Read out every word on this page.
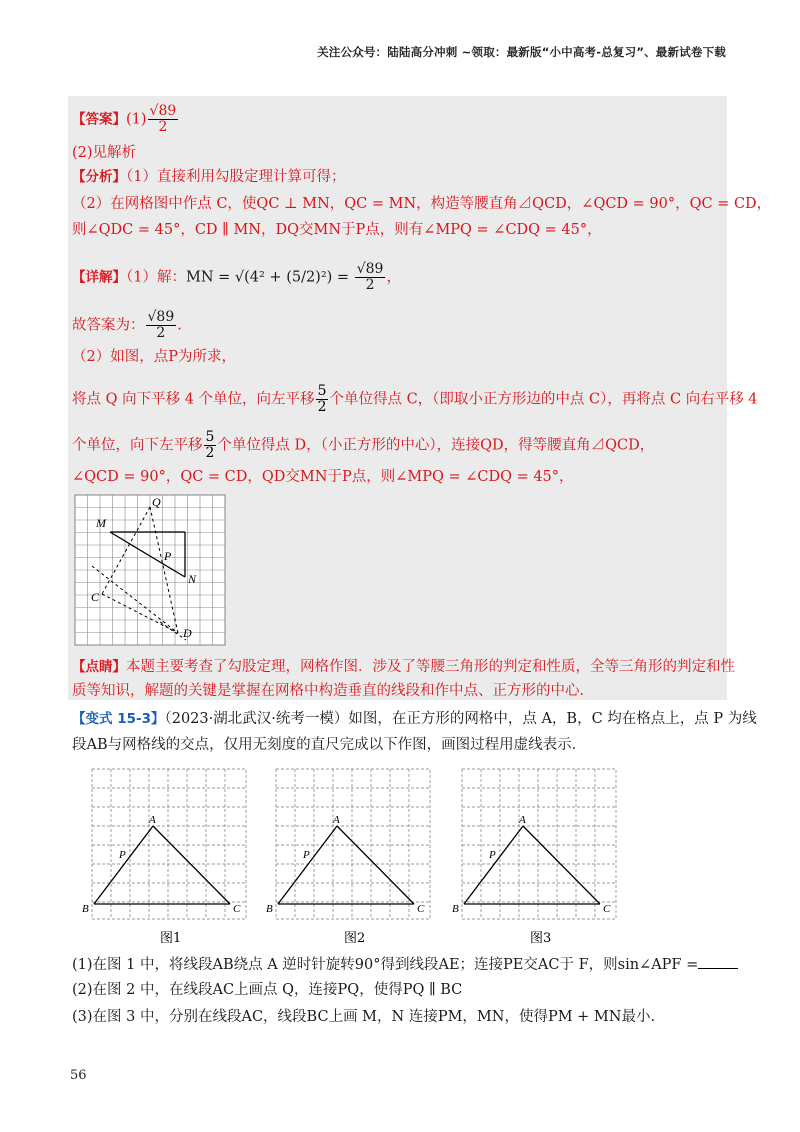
关注公众号：陆陆高分冲刺 ~领取：最新版“小中高考-总复习”、最新试卷下载
【答案】$(1) \frac{√89}{2}$
(2)见解析
【分析】（1）直接利用勾股定理计算可得；
（2）在网格图中作点 C，使QC ⊥ MN，QC = MN，构造等腰直角⊿QCD，∠QCD = 90°，QC = CD，
则∠QDC = 45°，CD ∥ MN，DQ交MN于P点，则有∠MPQ = ∠CDQ = 45°，
【详解】（1）解：MN = $√(4^2 + (5/2)^2) = \frac{√89}{2}$ ，
故答案为： $\frac{√89}{2}$ .
（2）如图，点P为所求，
将点 Q 向下平移 4 个单位，向左平移 $\frac{5}{2}$ 个单位得点 C，（即取小正方形边的中点 C），再将点 C 向右平移 4
个单位，向下左平移 $\frac{5}{2}$ 个单位得点 D，（小正方形的中心），连接QD，得等腰直角⊿QCD，
∠QCD = 90°，QC = CD，QD交MN于P点，则∠MPQ = ∠CDQ = 45°，
M
Q
P
N
C
D
【点睛】本题主要考查了勾股定理，网格作图．涉及了等腰三角形的判定和性质，全等三角形的判定和性
质等知识，解题的关键是掌握在网格中构造垂直的线段和作中点、正方形的中心．
【变式 15-3】（2023·湖北武汉·统考一模）如图，在正方形的网格中，点 A，B，C 均在格点上，点 P 为线
段AB与网格线的交点，仅用无刻度的直尺完成以下作图，画图过程用虚线表示．
A
B	C
P
图1
A
B	C
P
图2
A
B	C
P
图3
(1)在图 1 中，将线段AB绕点 A 逆时针旋转90°得到线段AE；连接PE交AC于 F，则sin∠APF =
(2)在图 2 中，在线段AC上画点 Q，连接PQ，使得PQ ∥ BC
(3)在图 3 中，分别在线段AC，线段BC上画 M，N 连接PM，MN，使得PM + MN最小.
56
